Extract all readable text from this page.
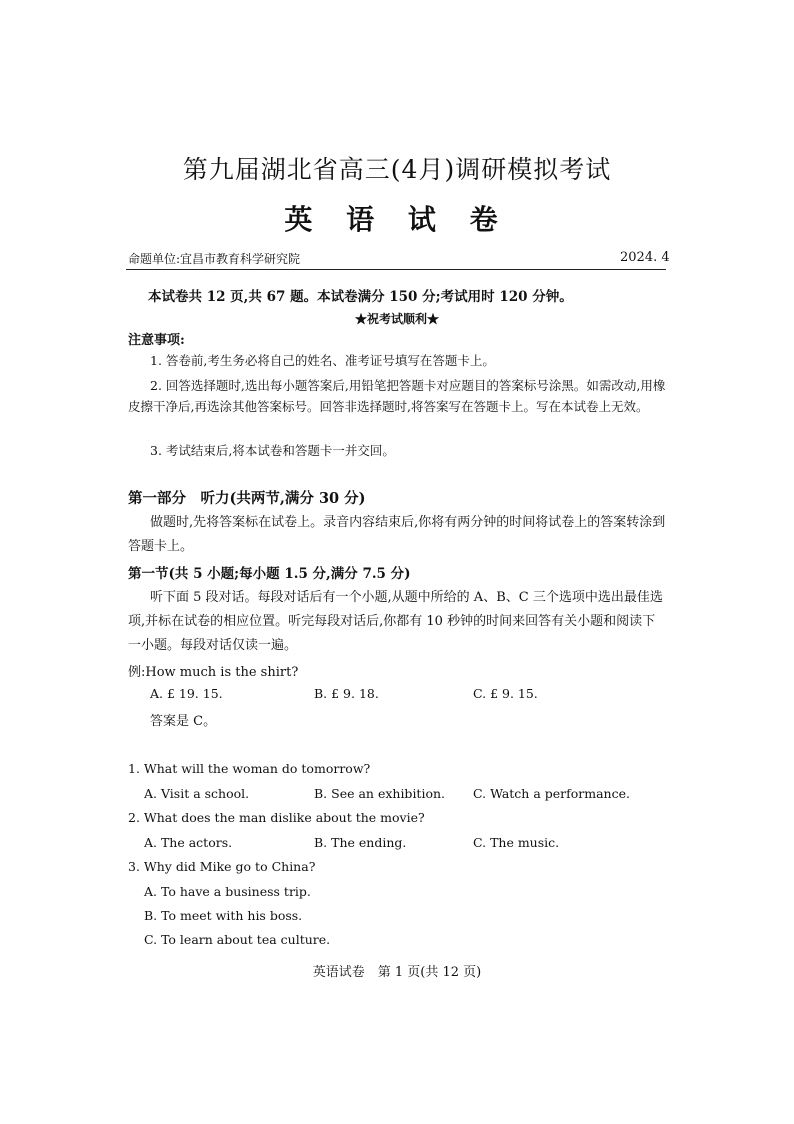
第九届湖北省高三(4月)调研模拟考试
英 语 试 卷
命题单位:宜昌市教育科学研究院	2024. 4
本试卷共 12 页,共 67 题。本试卷满分 150 分;考试用时 120 分钟。
★祝考试顺利★
注意事项:
1. 答卷前,考生务必将自己的姓名、准考证号填写在答题卡上。
2. 回答选择题时,选出每小题答案后,用铅笔把答题卡对应题目的答案标号涂黑。如需改动,用橡皮擦干净后,再选涂其他答案标号。回答非选择题时,将答案写在答题卡上。写在本试卷上无效。
3. 考试结束后,将本试卷和答题卡一并交回。
第一部分　听力(共两节,满分 30 分)
做题时,先将答案标在试卷上。录音内容结束后,你将有两分钟的时间将试卷上的答案转涂到答题卡上。
第一节(共 5 小题;每小题 1.5 分,满分 7.5 分)
听下面 5 段对话。每段对话后有一个小题,从题中所给的 A、B、C 三个选项中选出最佳选项,并标在试卷的相应位置。听完每段对话后,你都有 10 秒钟的时间来回答有关小题和阅读下一小题。每段对话仅读一遍。
例:How much is the shirt?
A. £ 19. 15.	B. £ 9. 18.	C. £ 9. 15.
答案是 C。
1. What will the woman do tomorrow?
A. Visit a school.	B. See an exhibition. C. Watch a performance.
2. What does the man dislike about the movie?
A. The actors.	B. The ending.	C. The music.
3. Why did Mike go to China?
A. To have a business trip.
B. To meet with his boss.
C. To learn about tea culture.
英语试卷　第 1 页(共 12 页)
